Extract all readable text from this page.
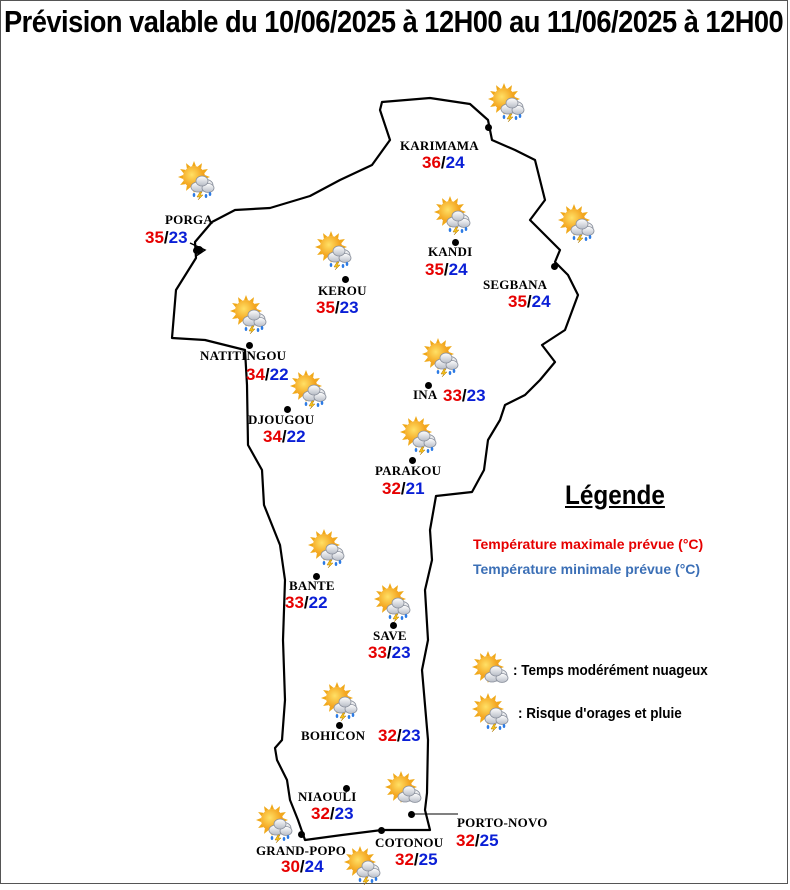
Prévision valable du 10/06/2025 à 12H00 au 11/06/2025 à 12H00
KARIMAMA
36/24
PORGA
35/23
KANDI
35/24
SEGBANA
35/24
KEROU
35/23
NATITINGOU
34/22
DJOUGOU
34/22
INA 33/23
PARAKOU
32/21
BANTE
33/22
SAVE
33/23
BOHICON 32/23
NIAOULI
32/23	PORTO-NOVO
32/25
GRAND-POPO
30/24
COTONOU
32/25
Légende
Température maximale prévue (°C)
Température minimale prévue (°C)
: Temps modérément nuageux
: Risque d'orages et pluie
